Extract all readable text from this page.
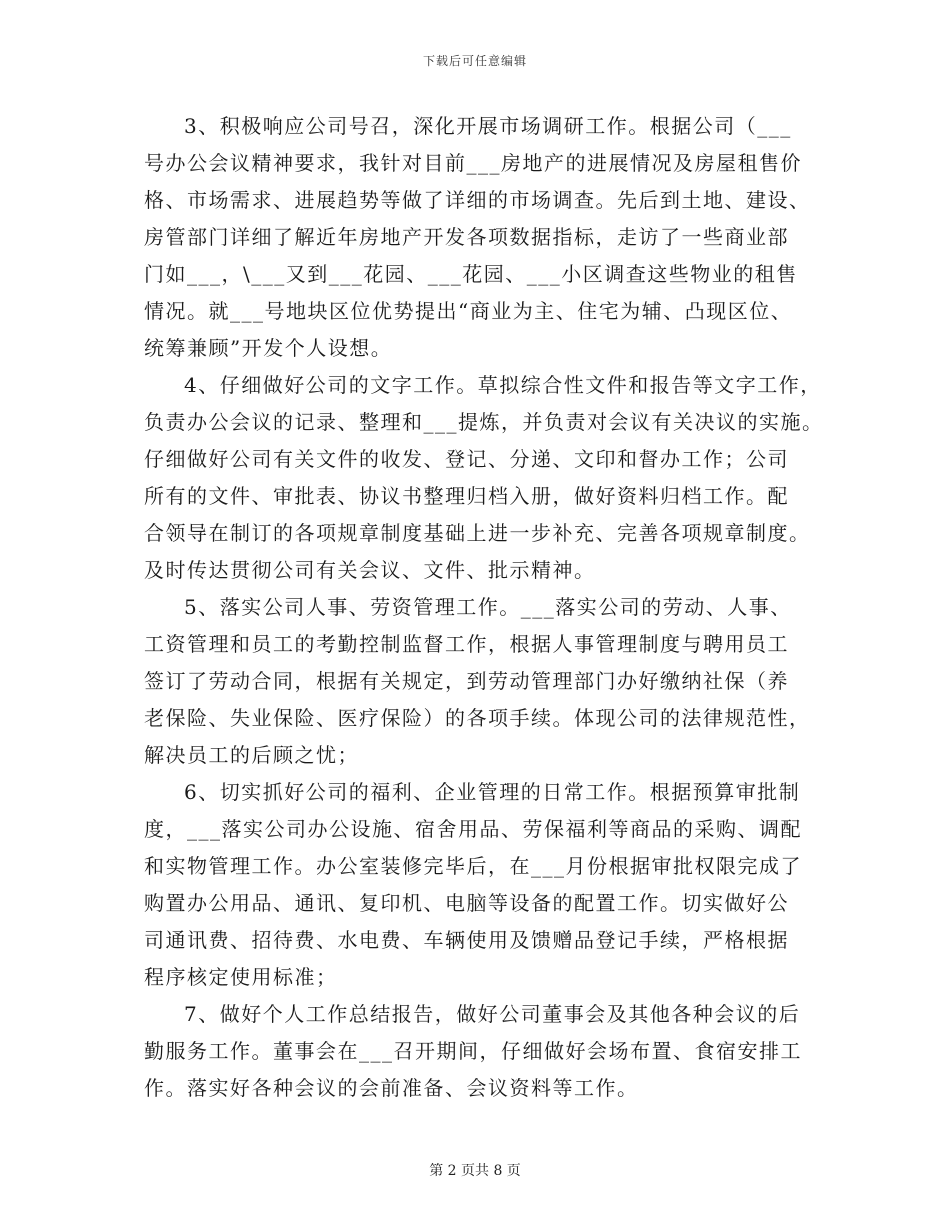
下载后可任意编辑
3、积极响应公司号召，深化开展市场调研工作。根据公司（___
号办公会议精神要求，我针对目前___房地产的进展情况及房屋租售价
格、市场需求、进展趋势等做了详细的市场调查。先后到土地、建设、
房管部门详细了解近年房地产开发各项数据指标，走访了一些商业部
门如___，\___又到___花园、___花园、___小区调查这些物业的租售
情况。就___号地块区位优势提出“商业为主、住宅为辅、凸现区位、
统筹兼顾”开发个人设想。
4、仔细做好公司的文字工作。草拟综合性文件和报告等文字工作，
负责办公会议的记录、整理和___提炼，并负责对会议有关决议的实施。
仔细做好公司有关文件的收发、登记、分递、文印和督办工作；公司
所有的文件、审批表、协议书整理归档入册，做好资料归档工作。配
合领导在制订的各项规章制度基础上进一步补充、完善各项规章制度。
及时传达贯彻公司有关会议、文件、批示精神。
5、落实公司人事、劳资管理工作。___落实公司的劳动、人事、
工资管理和员工的考勤控制监督工作，根据人事管理制度与聘用员工
签订了劳动合同，根据有关规定，到劳动管理部门办好缴纳社保（养
老保险、失业保险、医疗保险）的各项手续。体现公司的法律规范性，
解决员工的后顾之忧；
6、切实抓好公司的福利、企业管理的日常工作。根据预算审批制
度，___落实公司办公设施、宿舍用品、劳保福利等商品的采购、调配
和实物管理工作。办公室装修完毕后，在___月份根据审批权限完成了
购置办公用品、通讯、复印机、电脑等设备的配置工作。切实做好公
司通讯费、招待费、水电费、车辆使用及馈赠品登记手续，严格根据
程序核定使用标准；
7、做好个人工作总结报告，做好公司董事会及其他各种会议的后
勤服务工作。董事会在___召开期间，仔细做好会场布置、食宿安排工
作。落实好各种会议的会前准备、会议资料等工作。
第 2 页共 8 页
